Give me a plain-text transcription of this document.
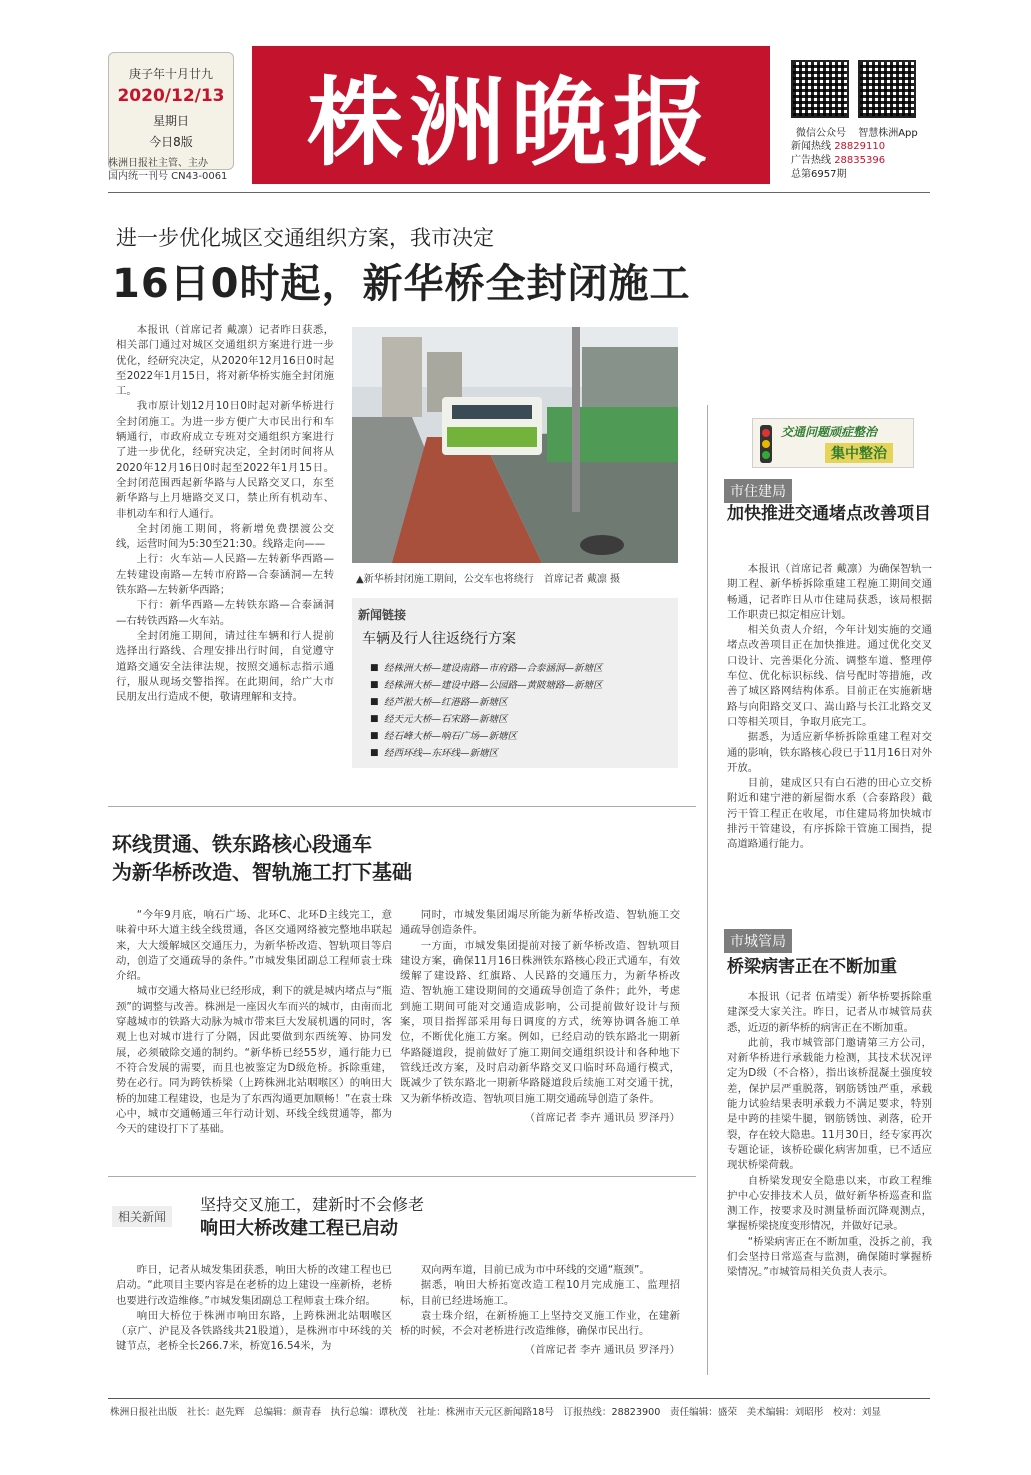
庚子年十月廿九
2020/12/13
星期日
今日8版
株洲日报社主管、主办
国内统一刊号 CN43-0061 株洲晚报	微信公众号	智慧株洲App
新闻热线 28829110
广告热线 28835396
总第6957期
进一步优化城区交通组织方案，我市决定
16日0时起，新华桥全封闭施工

本报讯（首席记者 戴凛）记者昨日获悉，相关部门通过对城区交通组织方案进行进一步优化，经研究决定，从2020年12月16日0时起至2022年1月15日，将对新华桥实施全封闭施工。

我市原计划12月10日0时起对新华桥进行全封闭施工。为进一步方便广大市民出行和车辆通行，市政府成立专班对交通组织方案进行了进一步优化，经研究决定，全封闭时间将从2020年12月16日0时起至2022年1月15日。全封闭范围西起新华路与人民路交叉口，东至新华路与上月塘路交叉口，禁止所有机动车、非机动车和行人通行。

全封闭施工期间，将新增免费摆渡公交线，运营时间为5:30至21:30。线路走向——

上行：火车站—人民路—左转新华西路—左转建设南路—左转市府路—合泰涵洞—左转铁东路—左转新华西路；

下行：新华西路—左转铁东路—合泰涵洞—右转铁西路—火车站。

全封闭施工期间，请过往车辆和行人提前选择出行路线、合理安排出行时间，自觉遵守道路交通安全法律法规，按照交通标志指示通行，服从现场交警指挥。在此期间，给广大市民朋友出行造成不便，敬请理解和支持。

▲新华桥封闭施工期间，公交车也将绕行　首席记者 戴凛 摄
新闻链接
车辆及行人往返绕行方案
■ 经株洲大桥—建设南路—市府路—合泰涵洞—新塘区
■ 经株洲大桥—建设中路—公园路—黄陂塘路—新塘区
■ 经芦淞大桥—红港路—新塘区
■ 经天元大桥—石宋路—新塘区
■ 经石峰大桥—响石广场—新塘区
■ 经西环线—东环线—新塘区
交通问题顽症整治
集中整治
市住建局
加快推进交通堵点改善项目

本报讯（首席记者 戴凛）为确保智轨一期工程、新华桥拆除重建工程施工期间交通畅通，记者昨日从市住建局获悉，该局根据工作职责已拟定相应计划。

相关负责人介绍，今年计划实施的交通堵点改善项目正在加快推进。通过优化交叉口设计、完善渠化分流、调整车道、整理停车位、优化标识标线、信号配时等措施，改善了城区路网结构体系。目前正在实施新塘路与向阳路交叉口、嵩山路与长江北路交叉口等相关项目，争取月底完工。

据悉，为适应新华桥拆除重建工程对交通的影响，铁东路核心段已于11月16日对外开放。

目前，建成区只有白石港的田心立交桥附近和建宁港的新屋衙水系（合泰路段）截污干管工程正在收尾，市住建局将加快城市排污干管建设，有序拆除干管施工围挡，提高道路通行能力。

市城管局
桥梁病害正在不断加重

本报讯（记者 伍靖雯）新华桥要拆除重建深受大家关注。昨日，记者从市城管局获悉，近迈的新华桥的病害正在不断加重。

此前，我市城管部门邀请第三方公司，对新华桥进行承载能力检测，其技术状况评定为D级（不合格），指出该桥混凝土强度较差，保护层严重脱落，钢筋锈蚀严重，承载能力试验结果表明承载力不满足要求，特别是中跨的挂梁牛腿，钢筋锈蚀、剥落，砼开裂，存在较大隐患。11月30日，经专家再次专题论证，该桥砼碳化病害加重，已不适应现状桥梁荷载。

自桥梁发现安全隐患以来，市政工程维护中心安排技术人员，做好新华桥巡查和监测工作，按要求及时测量桥面沉降观测点，掌握桥梁挠度变形情况，并做好记录。

“桥梁病害正在不断加重，没拆之前，我们会坚持日常巡查与监测，确保随时掌握桥梁情况。”市城管局相关负责人表示。

环线贯通、铁东路核心段通车
为新华桥改造、智轨施工打下基础

“今年9月底，响石广场、北环C、北环D主线完工，意味着中环大道主线全线贯通，各区交通网络被完整地串联起来，大大缓解城区交通压力，为新华桥改造、智轨项目等启动，创造了交通疏导的条件。”市城发集团副总工程师袁士珠介绍。

城市交通大格局业已经形成，剩下的就是城内堵点与“瓶颈”的调整与改善。株洲是一座因火车而兴的城市，由南而北穿越城市的铁路大动脉为城市带来巨大发展机遇的同时，客观上也对城市进行了分隔，因此要做到东西统筹、协同发展，必须破除交通的制约。“新华桥已经55岁，通行能力已不符合发展的需要，而且也被鉴定为D级危桥。拆除重建，势在必行。同为跨铁桥梁（上跨株洲北站咽喉区）的响田大桥的加建工程建设，也是为了东西沟通更加顺畅！”在袁士珠心中，城市交通畅通三年行动计划、环线全线贯通等，都为今天的建设打下了基础。

同时，市城发集团竭尽所能为新华桥改造、智轨施工交通疏导创造条件。

一方面，市城发集团提前对接了新华桥改造、智轨项目建设方案，确保11月16日株洲铁东路核心段正式通车，有效缓解了建设路、红旗路、人民路的交通压力，为新华桥改造、智轨施工建设期间的交通疏导创造了条件；此外，考虑到施工期间可能对交通造成影响，公司提前做好设计与预案，项目指挥部采用每日调度的方式，统筹协调各施工单位，不断优化施工方案。例如，已经启动的铁东路北一期新华路隧道段，提前做好了施工期间交通组织设计和各种地下管线迁改方案，及时启动新华路交叉口临时环岛通行模式，既减少了铁东路北一期新华路隧道段后续施工对交通干扰，又为新华桥改造、智轨项目施工期交通疏导创造了条件。

（首席记者 李卉 通讯员 罗泽丹）
相关新闻
坚持交叉施工，建新时不会修老
响田大桥改建工程已启动

昨日，记者从城发集团获悉，响田大桥的改建工程也已启动。“此项目主要内容是在老桥的边上建设一座新桥，老桥也要进行改造维修。”市城发集团副总工程师袁士珠介绍。

响田大桥位于株洲市响田东路，上跨株洲北站咽喉区（京广、沪昆及各铁路线共21股道），是株洲市中环线的关键节点，老桥全长266.7米，桥宽16.54米，为

双向两车道，目前已成为市中环线的交通“瓶颈”。

据悉，响田大桥拓宽改造工程10月完成施工、监理招标，目前已经进场施工。

袁士珠介绍，在新桥施工上坚持交叉施工作业，在建新桥的时候，不会对老桥进行改造维修，确保市民出行。

（首席记者 李卉 通讯员 罗泽丹）
株洲日报社出版　社长：赵先辉　总编辑：颜青春　执行总编：谭秋茂　社址：株洲市天元区新闻路18号　订报热线：28823900　责任编辑：盛荣　美术编辑：刘昭彤　校对：刘显
